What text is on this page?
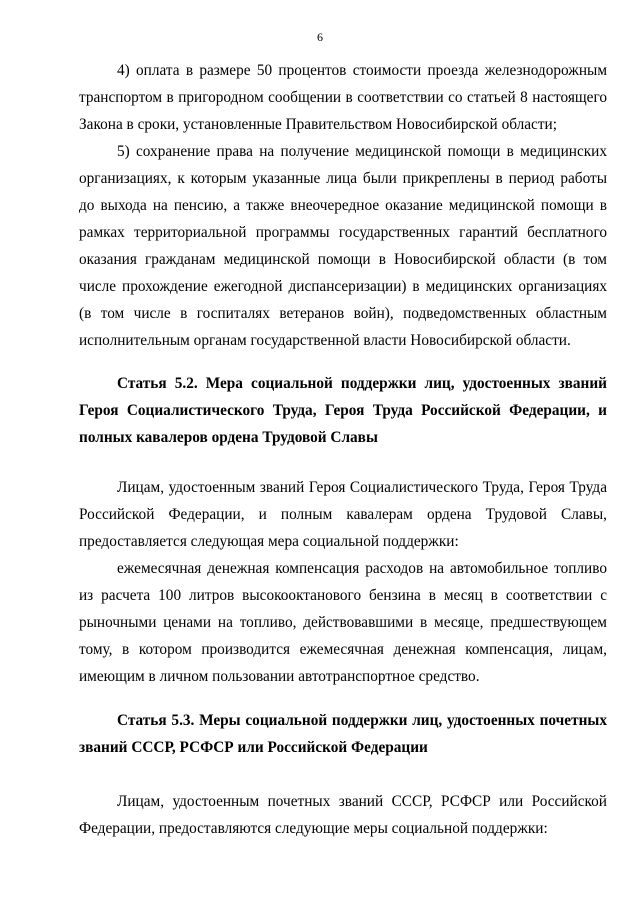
6

4) оплата в размере 50 процентов стоимости проезда железнодорожным транспортом в пригородном сообщении в соответствии со статьей 8 настоящего Закона в сроки, установленные Правительством Новосибирской области;

5) сохранение права на получение медицинской помощи в медицинских организациях, к которым указанные лица были прикреплены в период работы до выхода на пенсию, а также внеочередное оказание медицинской помощи в рамках территориальной программы государственных гарантий бесплатного оказания гражданам медицинской помощи в Новосибирской области (в том числе прохождение ежегодной диспансеризации) в медицинских организациях (в том числе в госпиталях ветеранов войн), подведомственных областным исполнительным органам государственной власти Новосибирской области.

Статья 5.2. Мера социальной поддержки лиц, удостоенных званий Героя Социалистического Труда, Героя Труда Российской Федерации, и полных кавалеров ордена Трудовой Славы

Лицам, удостоенным званий Героя Социалистического Труда, Героя Труда Российской Федерации, и полным кавалерам ордена Трудовой Славы, предоставляется следующая мера социальной поддержки:

ежемесячная денежная компенсация расходов на автомобильное топливо из расчета 100 литров высокооктанового бензина в месяц в соответствии с рыночными ценами на топливо, действовавшими в месяце, предшествующем тому, в котором производится ежемесячная денежная компенсация, лицам, имеющим в личном пользовании автотранспортное средство.

Статья 5.3. Меры социальной поддержки лиц, удостоенных почетных званий СССР, РСФСР или Российской Федерации

Лицам, удостоенным почетных званий СССР, РСФСР или Российской Федерации, предоставляются следующие меры социальной поддержки:
